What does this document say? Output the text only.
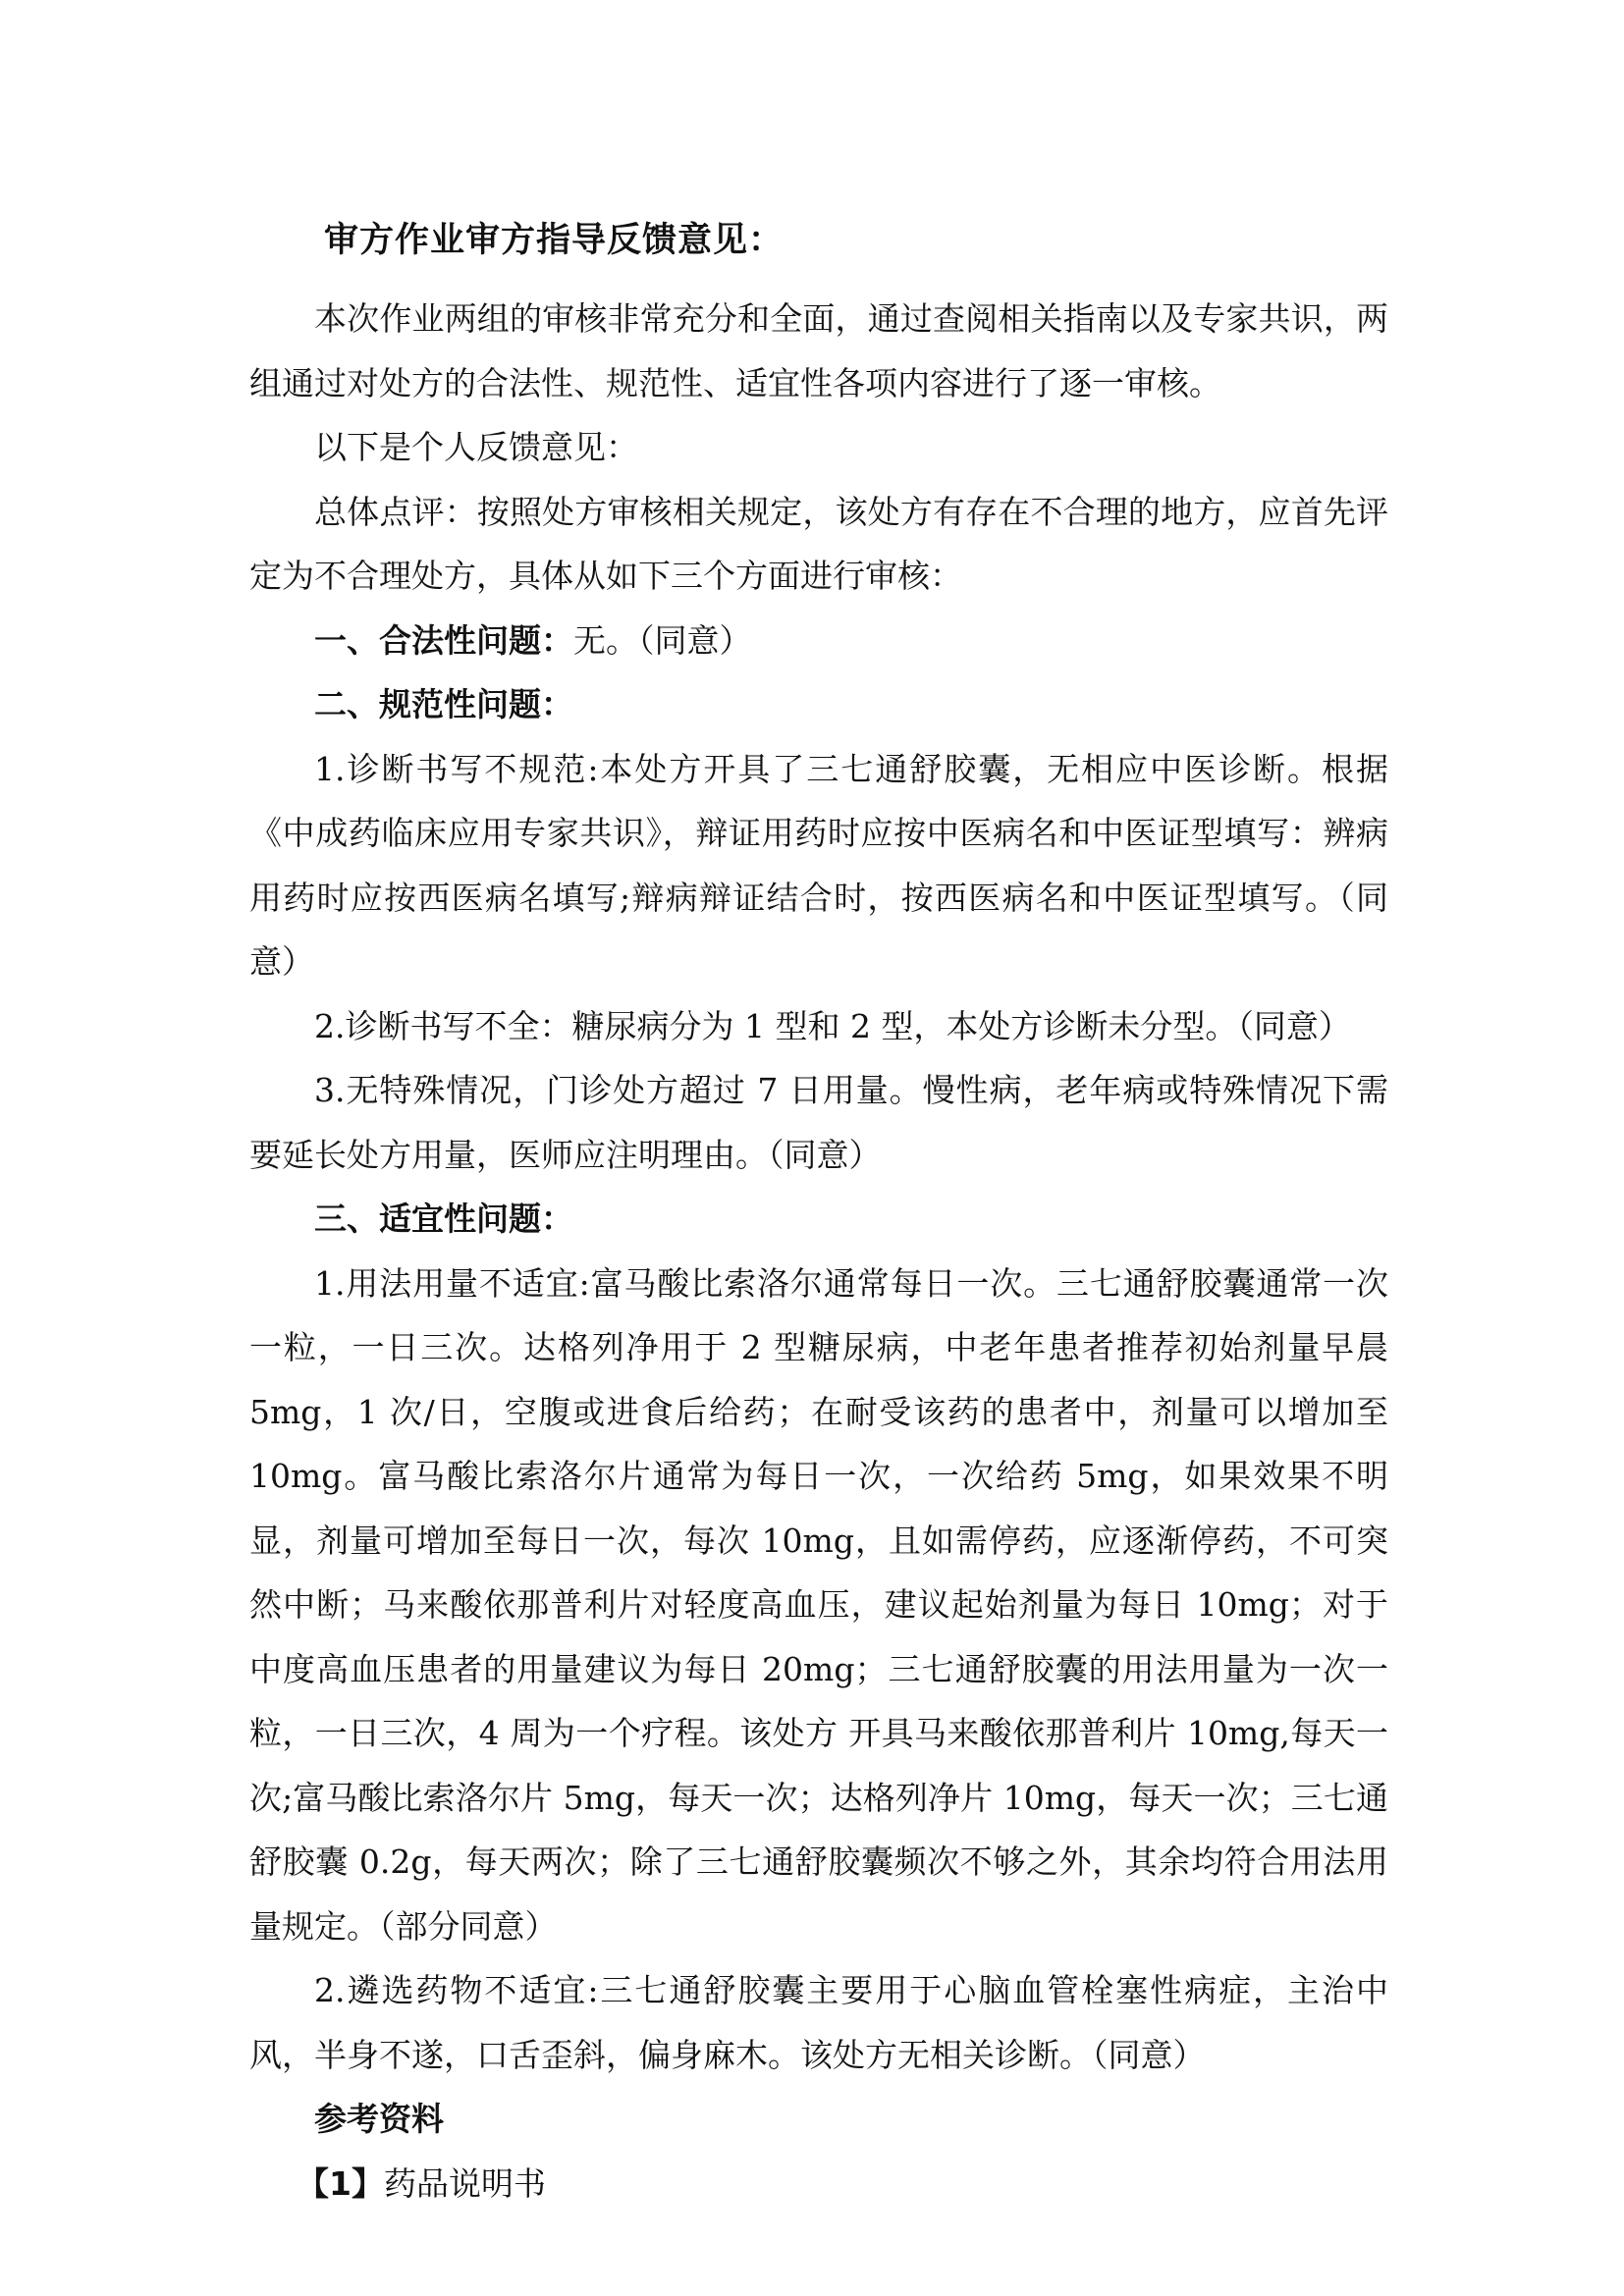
审方作业审方指导反馈意见：

本次作业两组的审核非常充分和全面，通过查阅相关指南以及专家共识，两组通过对处方的合法性、规范性、适宜性各项内容进行了逐一审核。

以下是个人反馈意见：

总体点评：按照处方审核相关规定，该处方有存在不合理的地方，应首先评定为不合理处方，具体从如下三个方面进行审核：

一、合法性问题：无。（同意）

二、规范性问题：

1.诊断书写不规范:本处方开具了三七通舒胶囊，无相应中医诊断。根据《中成药临床应用专家共识》，辩证用药时应按中医病名和中医证型填写：辨病用药时应按西医病名填写;辩病辩证结合时，按西医病名和中医证型填写。（同意）

2.诊断书写不全：糖尿病分为 1 型和 2 型，本处方诊断未分型。（同意）

3.无特殊情况，门诊处方超过 7 日用量。慢性病，老年病或特殊情况下需要延长处方用量，医师应注明理由。（同意）

三、适宜性问题：

1.用法用量不适宜:富马酸比索洛尔通常每日一次。三七通舒胶囊通常一次一粒，一日三次。达格列净用于 2 型糖尿病，中老年患者推荐初始剂量早晨 5mg，1 次/日，空腹或进食后给药；在耐受该药的患者中，剂量可以增加至 10mg。富马酸比索洛尔片通常为每日一次，一次给药 5mg，如果效果不明显，剂量可增加至每日一次，每次 10mg，且如需停药，应逐渐停药，不可突然中断；马来酸依那普利片对轻度高血压，建议起始剂量为每日 10mg；对于中度高血压患者的用量建议为每日 20mg；三七通舒胶囊的用法用量为一次一粒，一日三次，4 周为一个疗程。该处方 开具马来酸依那普利片 10mg,每天一次;富马酸比索洛尔片 5mg，每天一次；达格列净片 10mg，每天一次；三七通舒胶囊 0.2g，每天两次；除了三七通舒胶囊频次不够之外，其余均符合用法用量规定。（部分同意）

2.遴选药物不适宜:三七通舒胶囊主要用于心脑血管栓塞性病症，主治中风，半身不遂，口舌歪斜，偏身麻木。该处方无相关诊断。（同意）

参考资料

【1】药品说明书
